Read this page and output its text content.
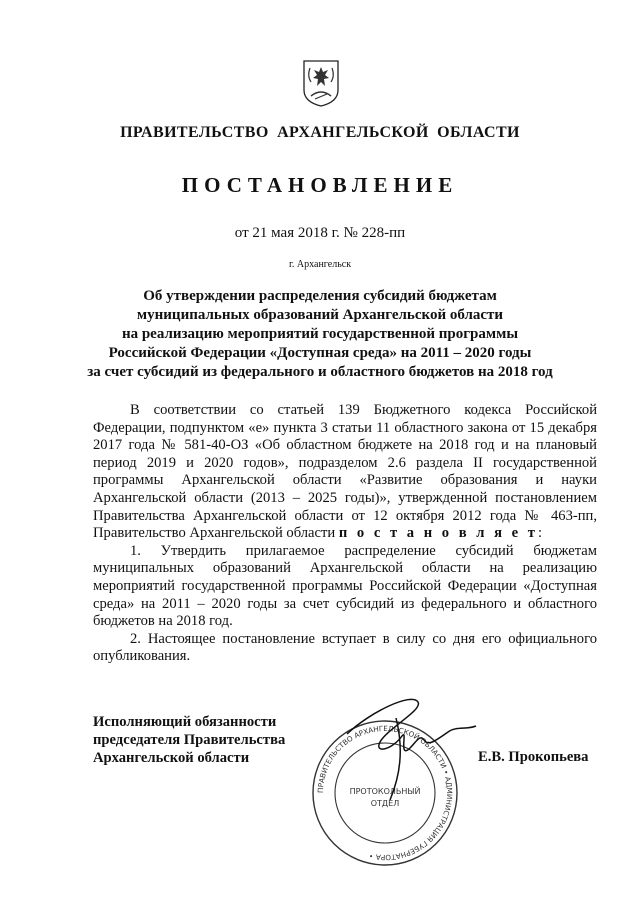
ПРАВИТЕЛЬСТВО АРХАНГЕЛЬСКОЙ ОБЛАСТИ
ПОСТАНОВЛЕНИЕ
от 21 мая 2018 г. № 228-пп
г. Архангельск
Об утверждении распределения субсидий бюджетам
муниципальных образований Архангельской области
на реализацию мероприятий государственной программы
Российской Федерации «Доступная среда» на 2011 – 2020 годы
за счет субсидий из федерального и областного бюджетов на 2018 год

В соответствии со статьей 139 Бюджетного кодекса Российской Федерации, подпунктом «е» пункта 3 статьи 11 областного закона от 15 декабря 2017 года № 581-40-ОЗ «Об областном бюджете на 2018 год и на плановый период 2019 и 2020 годов», подразделом 2.6 раздела II государственной программы Архангельской области «Развитие образования и науки Архангельской области (2013 – 2025 годы)», утвержденной постановлением Правительства Архангельской области от 12 октября 2012 года № 463-пп, Правительство Архангельской области п о с т а н о в л я е т:

1. Утвердить прилагаемое распределение субсидий бюджетам муниципальных образований Архангельской области на реализацию мероприятий государственной программы Российской Федерации «Доступная среда» на 2011 – 2020 годы за счет субсидий из федерального и областного бюджетов на 2018 год.

2. Настоящее постановление вступает в силу со дня его официального опубликования.

Исполняющий обязанности
председателя Правительства
Архангельской области
ПРАВИТЕЛЬСТВО АРХАНГЕЛЬСКОЙ ОБЛАСТИ • АДМИНИСТРАЦИЯ ГУБЕРНАТОРА •
ПРОТОКОЛЬНЫЙ
ОТДЕЛ
Е.В. Прокопьева
